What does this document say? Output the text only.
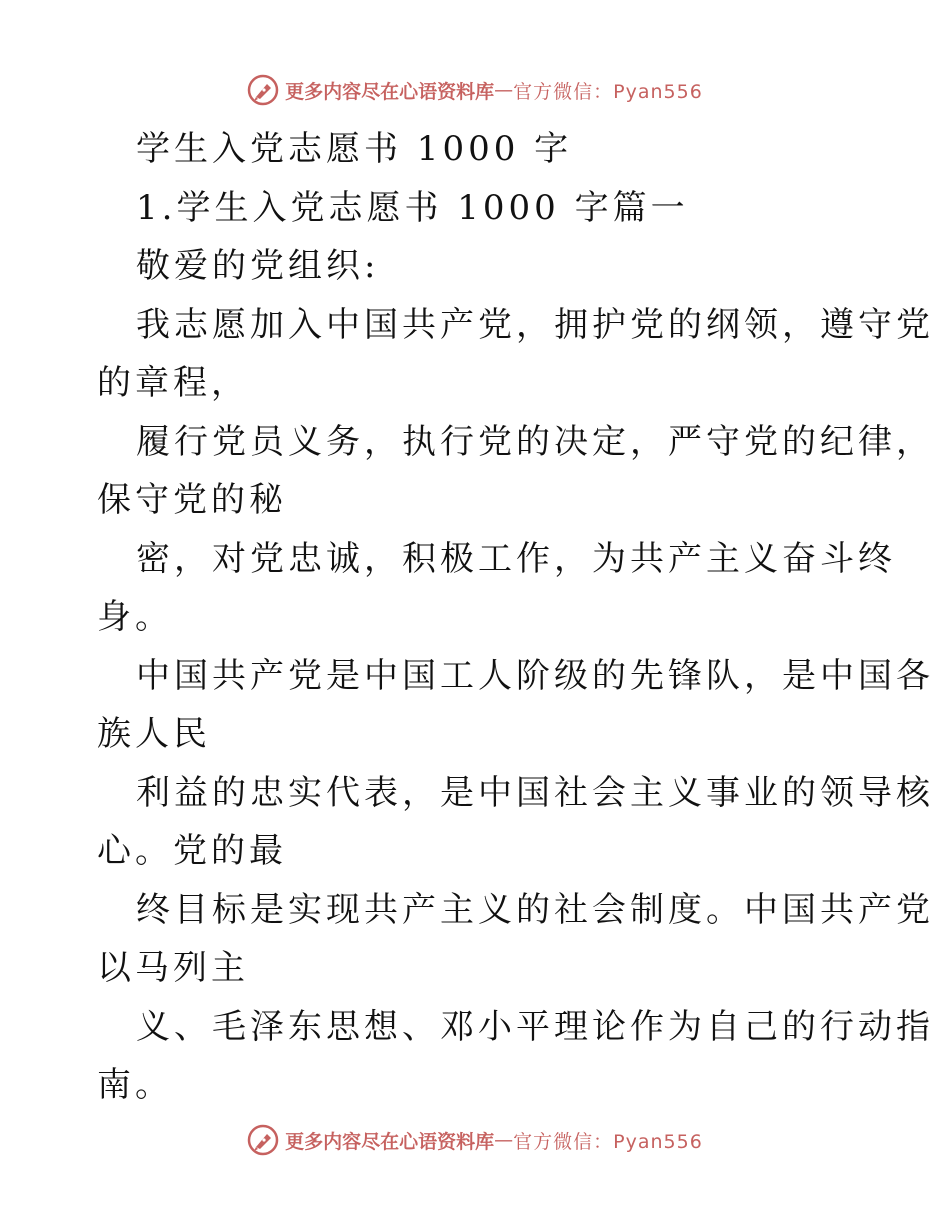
更多内容尽在心语资料库 — 官方微信：Pyan556
学生入党志愿书 1000 字
1.学生入党志愿书 1000 字篇一
敬爱的党组织:
我志愿加入中国共产党，拥护党的纲领，遵守党
的章程，
履行党员义务，执行党的决定，严守党的纪律，
保守党的秘
密，对党忠诚，积极工作，为共产主义奋斗终
身。
中国共产党是中国工人阶级的先锋队，是中国各
族人民
利益的忠实代表，是中国社会主义事业的领导核
心。党的最
终目标是实现共产主义的社会制度。中国共产党
以马列主
义、毛泽东思想、邓小平理论作为自己的行动指
南。
更多内容尽在心语资料库 — 官方微信：Pyan556
